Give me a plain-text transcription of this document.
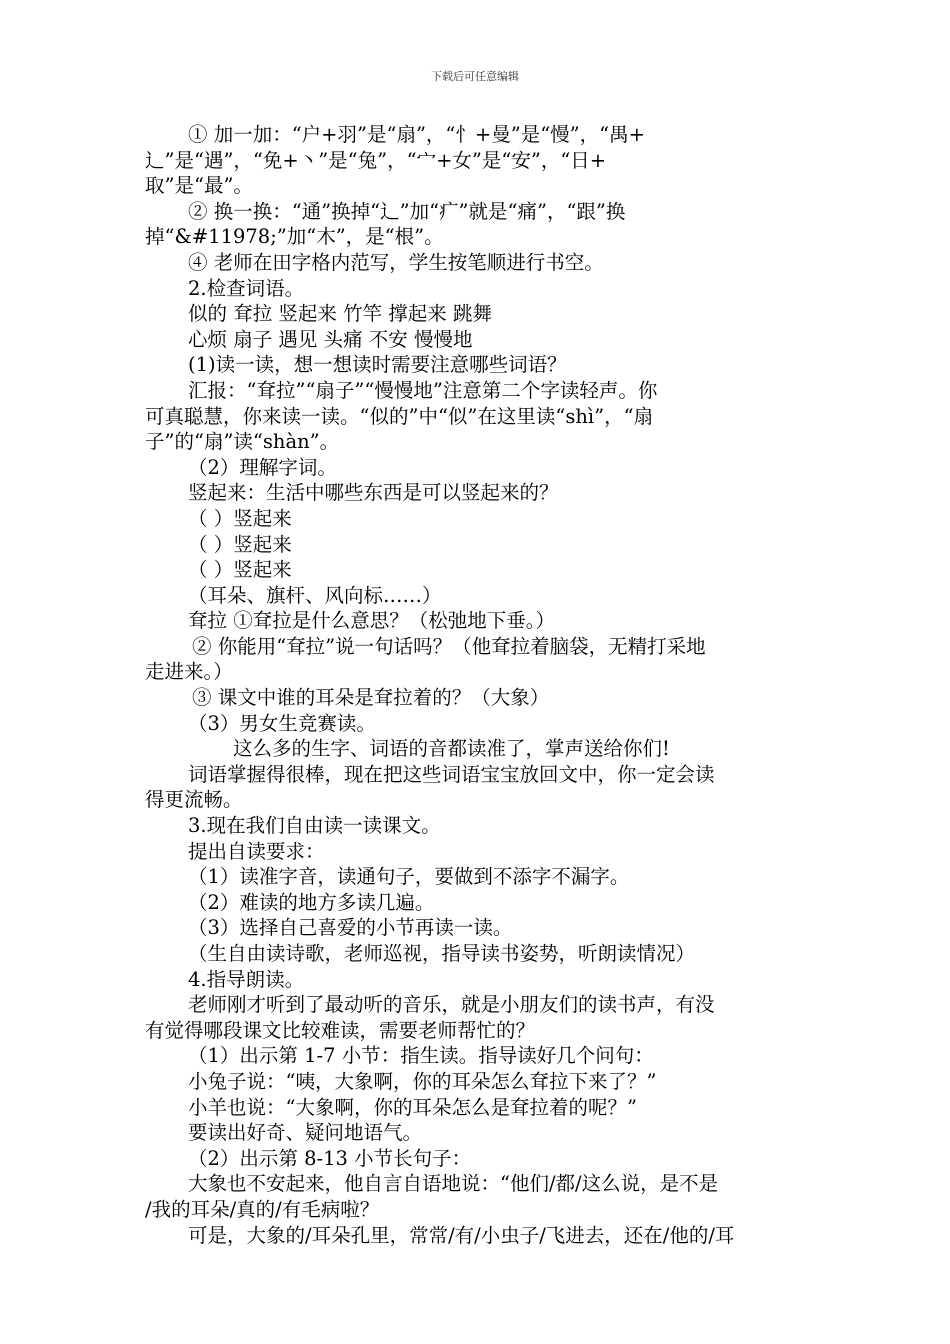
下载后可任意编辑

① 加一加：“户+羽”是“扇”，“忄+曼”是“慢”，“禺+

辶”是“遇”，“免+丶”是“兔”，“宀+女”是“安”，“日+

取”是“最”。

② 换一换：“通”换掉“辶”加“疒”就是“痛”，“跟”换

掉“&#11978;”加“木”，是“根”。

④ 老师在田字格内范写，学生按笔顺进行书空。

2.检查词语。

似的 耷拉 竖起来 竹竿 撑起来 跳舞

心烦 扇子 遇见 头痛 不安 慢慢地

(1)读一读，想一想读时需要注意哪些词语？

汇报：“耷拉”“扇子”“慢慢地”注意第二个字读轻声。你

可真聪慧，你来读一读。“似的”中“似”在这里读“shì”，“扇

子”的“扇”读“shàn”。

（2）理解字词。

竖起来：生活中哪些东西是可以竖起来的？

（ ）竖起来

（ ）竖起来

（ ）竖起来

（耳朵、旗杆、风向标……）

耷拉 ①耷拉是什么意思？（松弛地下垂。）

② 你能用“耷拉”说一句话吗？（他耷拉着脑袋，无精打采地

走进来。）

③ 课文中谁的耳朵是耷拉着的？（大象）

（3）男女生竞赛读。

这么多的生字、词语的音都读准了，掌声送给你们!

词语掌握得很棒，现在把这些词语宝宝放回文中，你一定会读

得更流畅。

3.现在我们自由读一读课文。

提出自读要求：

（1）读准字音，读通句子，要做到不添字不漏字。

（2）难读的地方多读几遍。

（3）选择自己喜爱的小节再读一读。

（生自由读诗歌，老师巡视，指导读书姿势，听朗读情况）

4.指导朗读。

老师刚才听到了最动听的音乐，就是小朋友们的读书声，有没

有觉得哪段课文比较难读，需要老师帮忙的？

（1）出示第 1-7 小节：指生读。指导读好几个问句：

小兔子说：“咦，大象啊，你的耳朵怎么耷拉下来了？”

小羊也说：“大象啊，你的耳朵怎么是耷拉着的呢？”

要读出好奇、疑问地语气。

（2）出示第 8-13 小节长句子：

大象也不安起来，他自言自语地说：“他们/都/这么说，是不是

/我的耳朵/真的/有毛病啦？

可是，大象的/耳朵孔里，常常/有/小虫子/飞进去，还在/他的/耳
